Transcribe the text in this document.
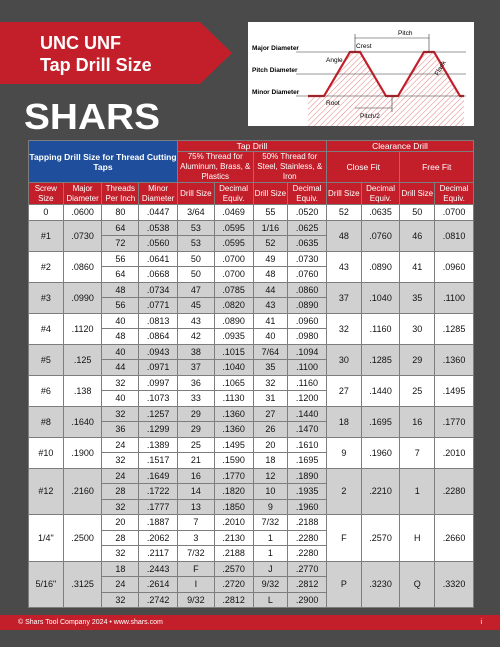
UNC UNF
Tap Drill Size
SHARS
Pitch
Crest
Angle
Major Diameter
Pitch Diameter
Minor Diameter
Root
Flank
Pitch/2
Tapping Drill Size for Thread Cutting Taps				Tap Drill				Clearance Drill			
				75% Thread for Aluminum, Brass, & Plastics		50% Thread for Steel, Stainless, & Iron		Close Fit		Free Fit	
Screw Size	Major Diameter	Threads Per Inch	Minor Diameter	Drill Size	Decimal Equiv.	Drill Size	Decimal Equiv.	Drill Size	Decimal Equiv.	Drill Size	Decimal Equiv.
0	.0600	80	.0447	3/64	.0469	55	.0520	52	.0635	50	.0700
#1	.0730	64	.0538	53	.0595	1/16	.0625	48	.0760	46	.0810
		72	.0560	53	.0595	52	.0635				
#2	.0860	56	.0641	50	.0700	49	.0730	43	.0890	41	.0960
		64	.0668	50	.0700	48	.0760				
#3	.0990	48	.0734	47	.0785	44	.0860	37	.1040	35	.1100
		56	.0771	45	.0820	43	.0890				
#4	.1120	40	.0813	43	.0890	41	.0960	32	.1160	30	.1285
		48	.0864	42	.0935	40	.0980				
#5	.125	40	.0943	38	.1015	7/64	.1094	30	.1285	29	.1360
		44	.0971	37	.1040	35	.1100				
#6	.138	32	.0997	36	.1065	32	.1160	27	.1440	25	.1495
		40	.1073	33	.1130	31	.1200				
#8	.1640	32	.1257	29	.1360	27	.1440	18	.1695	16	.1770
		36	.1299	29	.1360	26	.1470				
#10	.1900	24	.1389	25	.1495	20	.1610	9	.1960	7	.2010
		32	.1517	21	.1590	18	.1695				
#12	.2160	24	.1649	16	.1770	12	.1890	2	.2210	1	.2280
		28	.1722	14	.1820	10	.1935				
		32	.1777	13	.1850	9	.1960				
1/4"	.2500	20	.1887	7	.2010	7/32	.2188	F	.2570	H	.2660
		28	.2062	3	.2130	1	.2280				
		32	.2117	7/32	.2188	1	.2280				
5/16"	.3125	18	.2443	F	.2570	J	.2770	P	.3230	Q	.3320
		24	.2614	I	.2720	9/32	.2812				
		32	.2742	9/32	.2812	L	.2900				
© Shars Tool Company 2024 • www.shars.com	i
